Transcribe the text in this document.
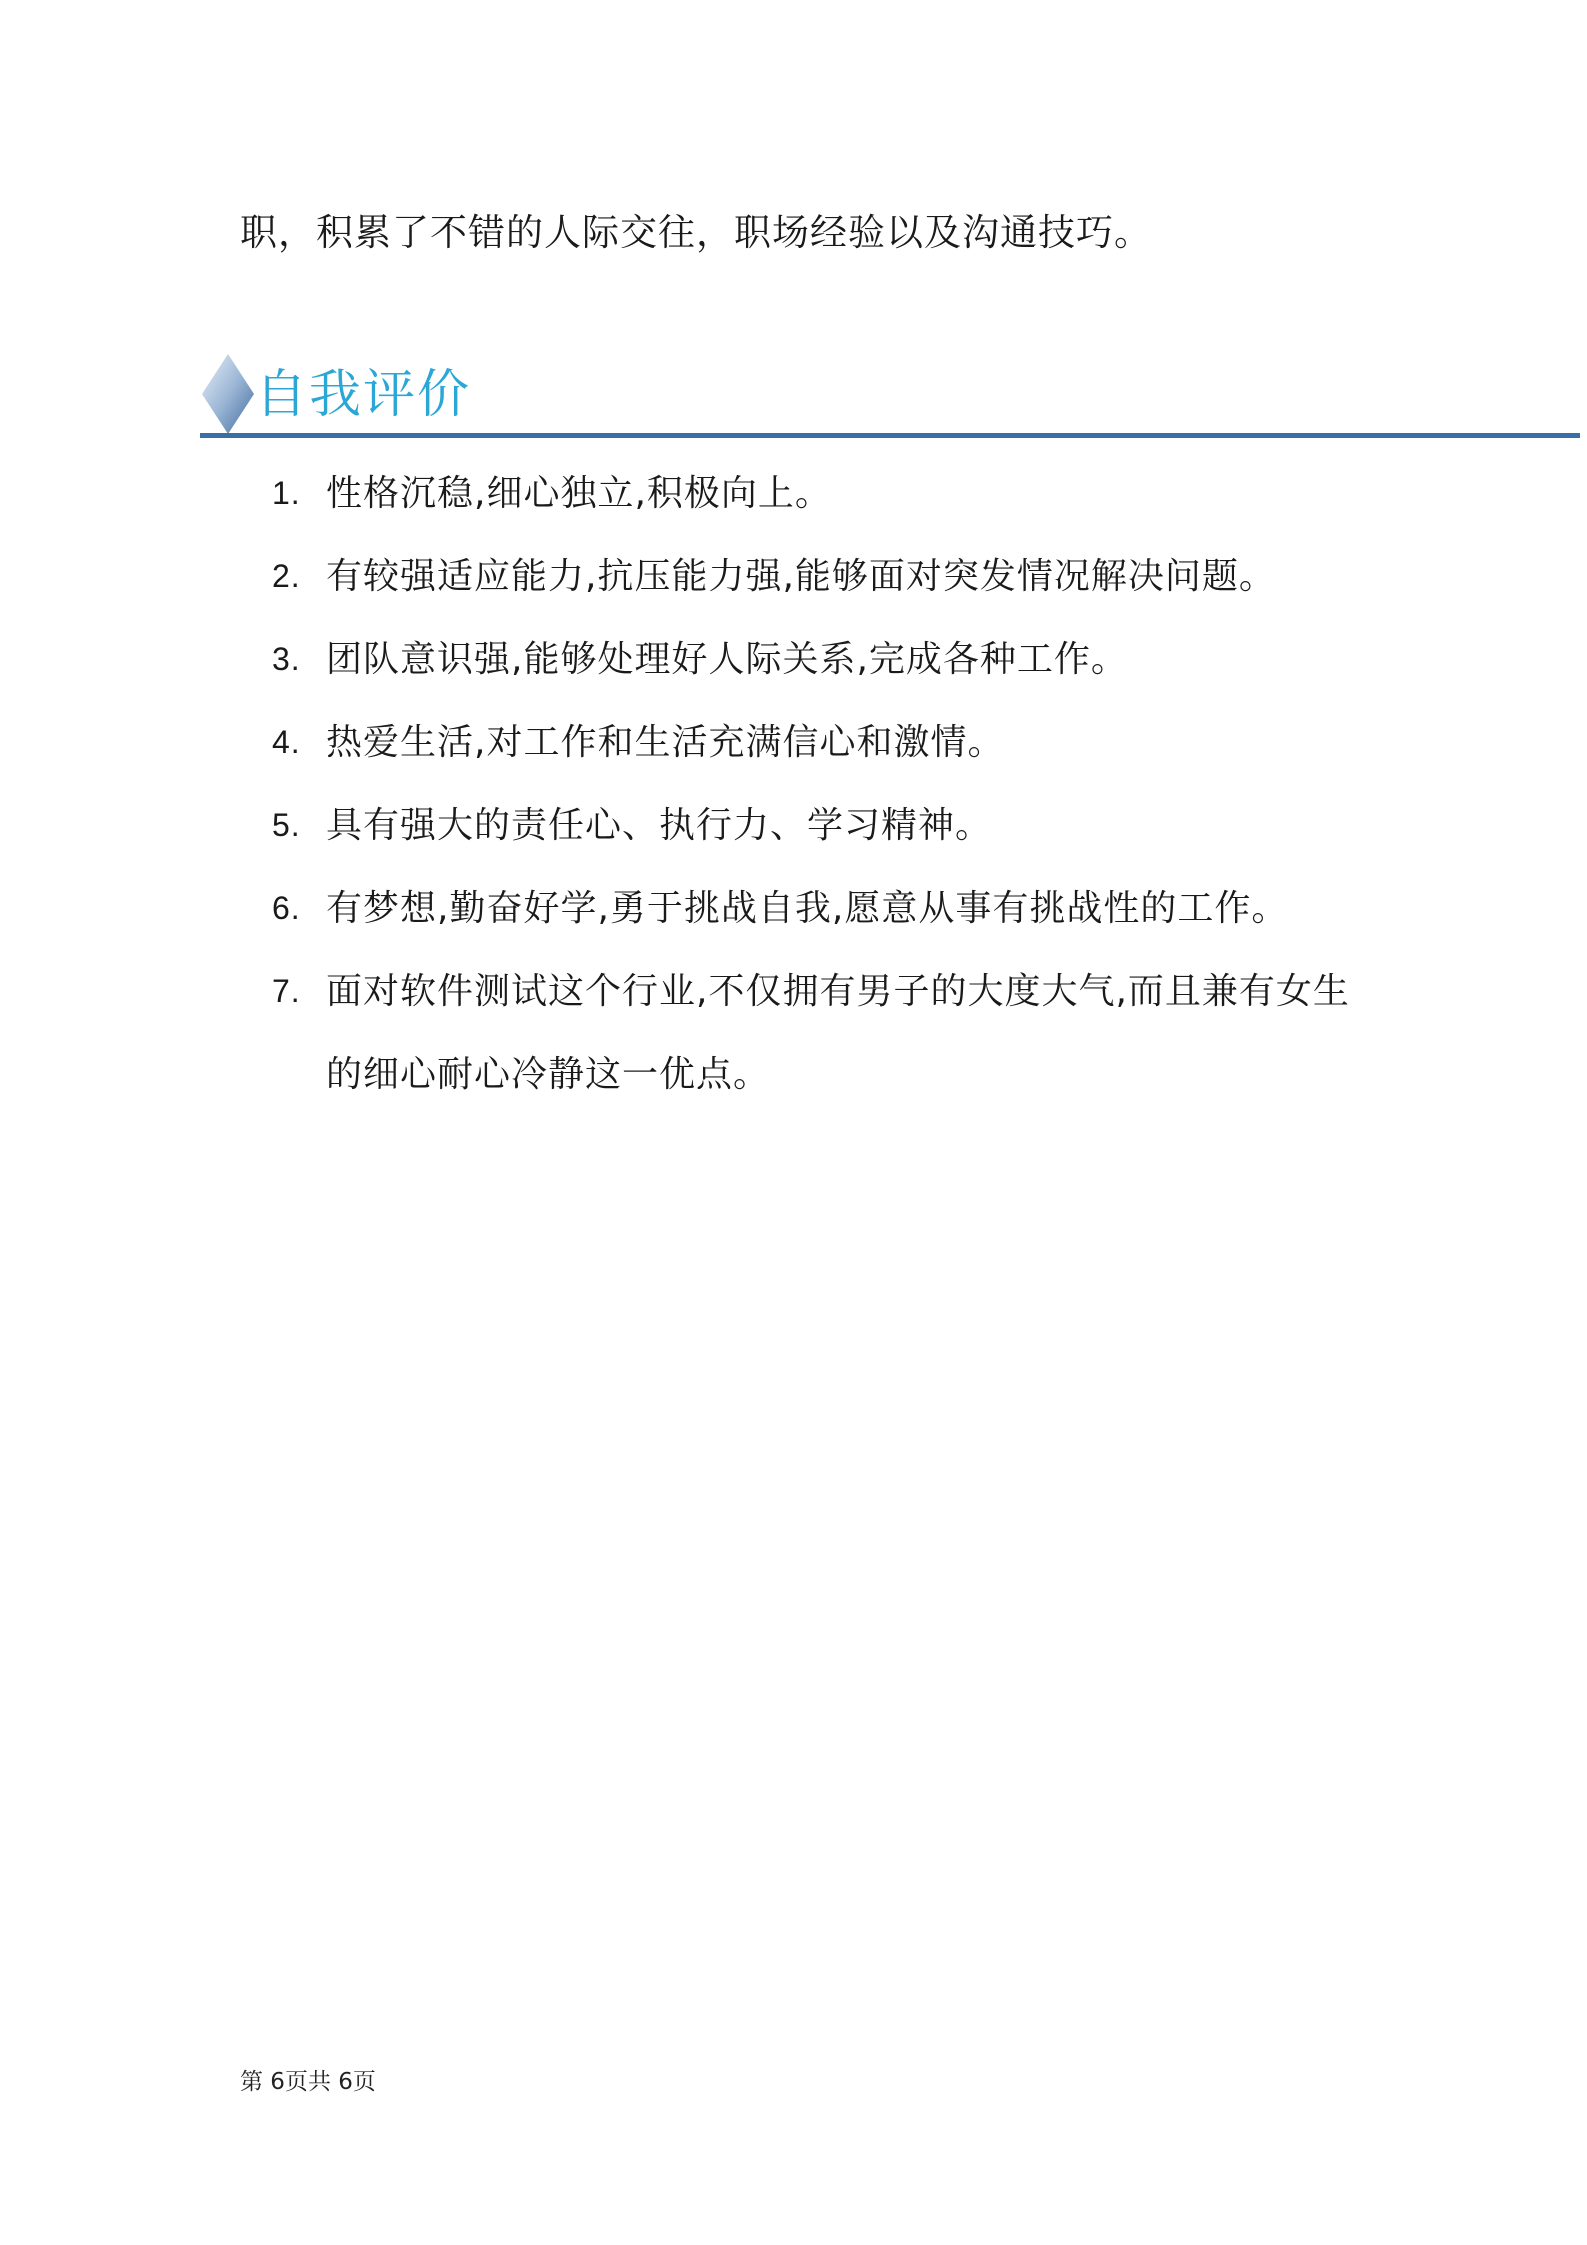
职，积累了不错的人际交往，职场经验以及沟通技巧。
自我评价
1. 性格沉稳,细心独立,积极向上。
2. 有较强适应能力,抗压能力强,能够面对突发情况解决问题。
3. 团队意识强,能够处理好人际关系,完成各种工作。
4. 热爱生活,对工作和生活充满信心和激情。
5. 具有强大的责任心、执行力、学习精神。
6. 有梦想,勤奋好学,勇于挑战自我,愿意从事有挑战性的工作。
7. 面对软件测试这个行业,不仅拥有男子的大度大气,而且兼有女生的细心耐心冷静这一优点。
第 6页共 6页
